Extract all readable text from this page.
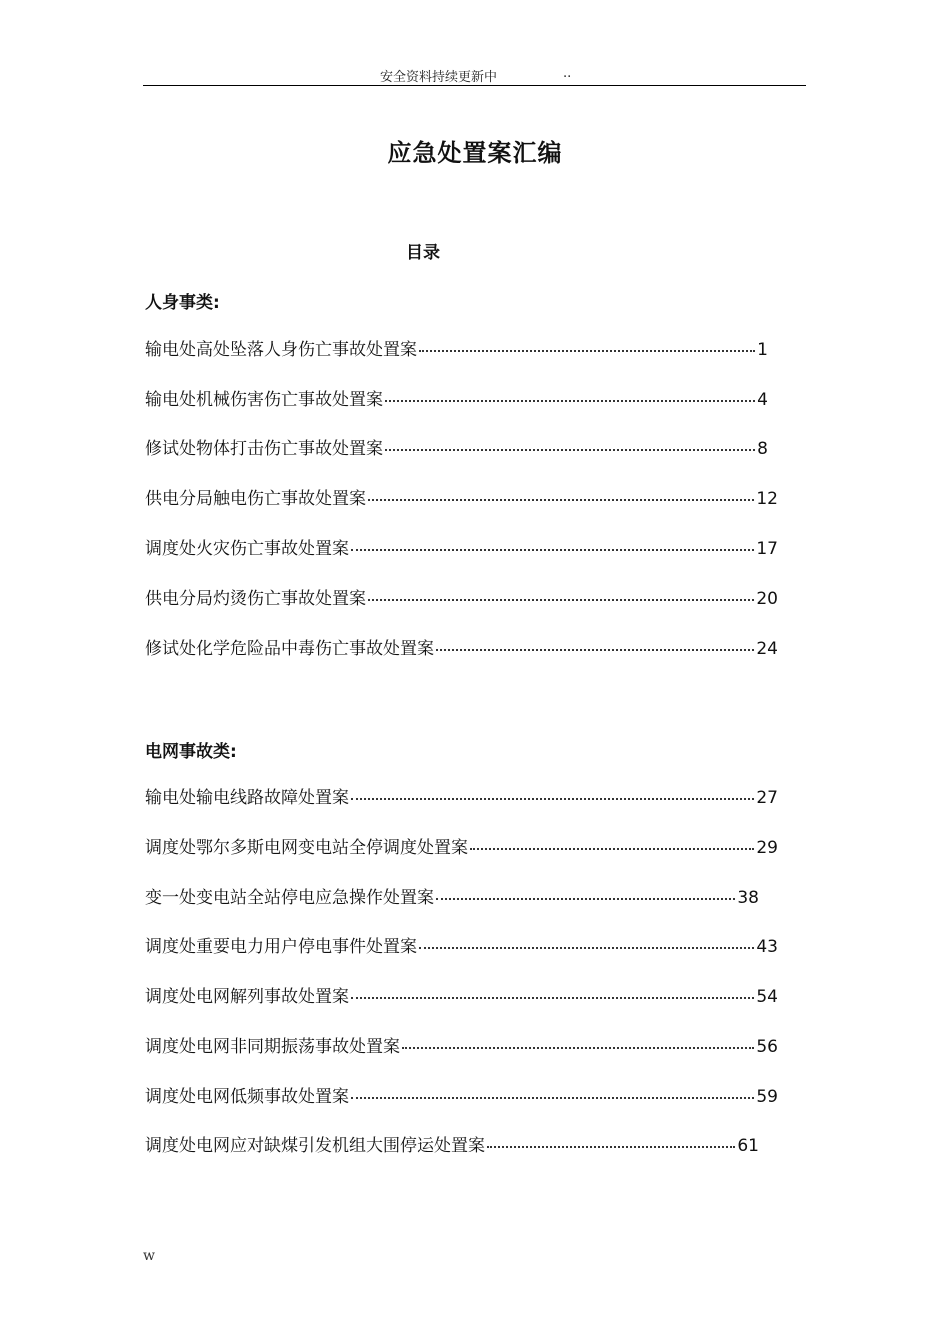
安全资料持续更新中	..
应急处置案汇编
目录
人身事类:
输电处高处坠落人身伤亡事故处置案	1
输电处机械伤害伤亡事故处置案	4
修试处物体打击伤亡事故处置案	8
供电分局触电伤亡事故处置案	12
调度处火灾伤亡事故处置案	17
供电分局灼烫伤亡事故处置案	20
修试处化学危险品中毒伤亡事故处置案	24
电网事故类:
输电处输电线路故障处置案	27
调度处鄂尔多斯电网变电站全停调度处置案	29
变一处变电站全站停电应急操作处置案	38
调度处重要电力用户停电事件处置案	43
调度处电网解列事故处置案	54
调度处电网非同期振荡事故处置案	56
调度处电网低频事故处置案	59
调度处电网应对缺煤引发机组大围停运处置案	61
w
